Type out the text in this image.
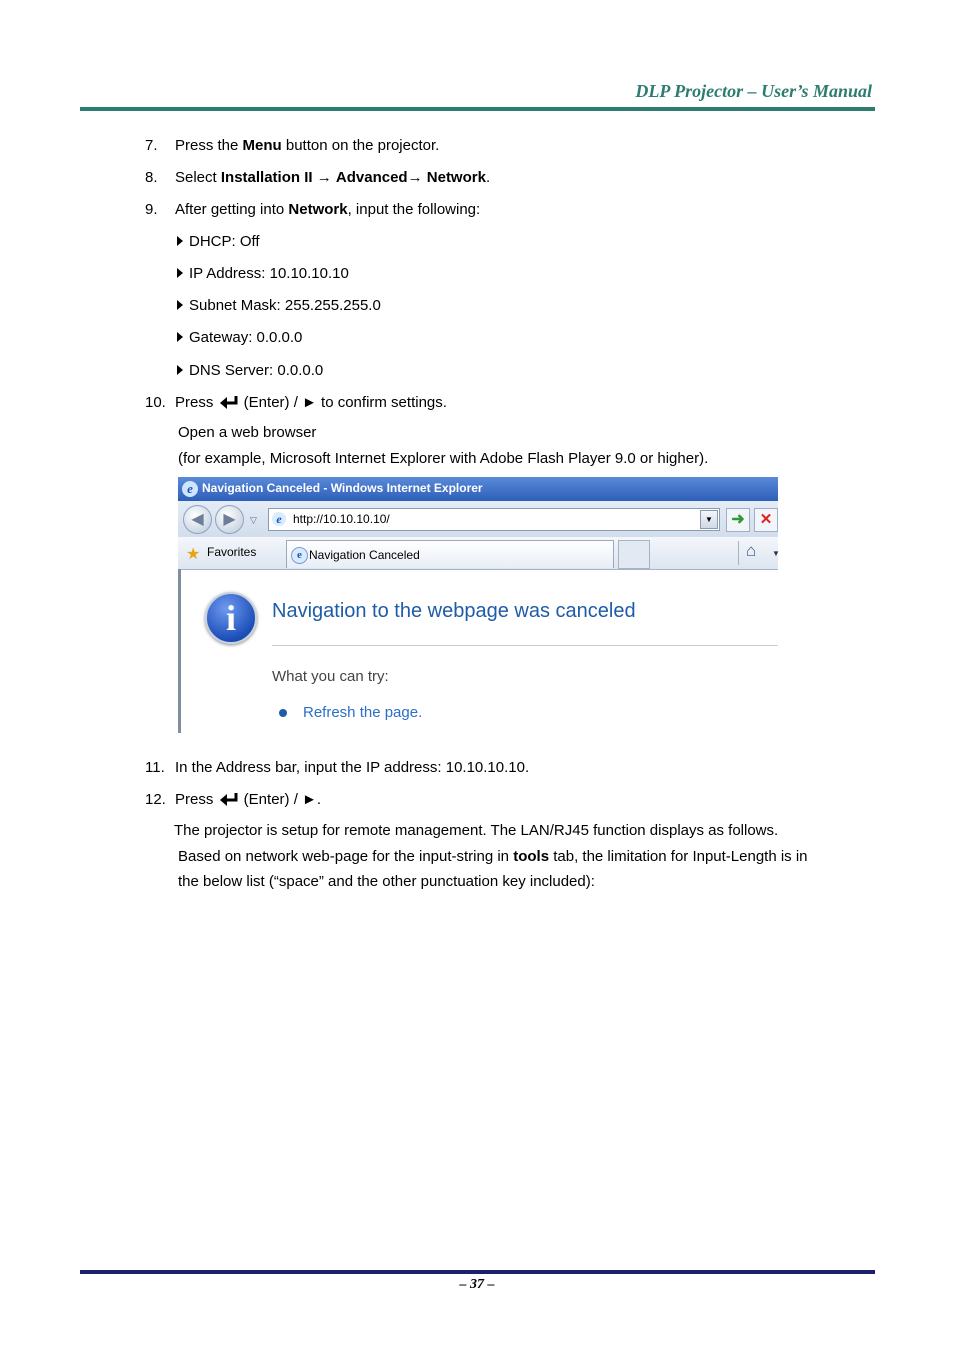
DLP Projector – User’s Manual
7. Press the Menu button on the projector.
8. Select Installation II → Advanced→ Network.
9. After getting into Network, input the following:
DHCP: Off
IP Address: 10.10.10.10
Subnet Mask: 255.255.255.0
Gateway: 0.0.0.0
DNS Server: 0.0.0.0
10. Press  (Enter) / ► to confirm settings.
Open a web browser
(for example, Microsoft Internet Explorer with Adobe Flash Player 9.0 or higher).
e Navigation Canceled - Windows Internet Explorer
◀	▶	▽	e http://10.10.10.10/	▼	➜	✕
★ Favorites	e Navigation Canceled	⌂ ▼
i	Navigation to the webpage was canceled
What you can try:
Refresh the page.
11. In the Address bar, input the IP address: 10.10.10.10.
12. Press  (Enter) / ►.
The projector is setup for remote management. The LAN/RJ45 function displays as follows.
Based on network web-page for the input-string in tools tab, the limitation for Input-Length is in
the below list (“space” and the other punctuation key included):
– 37 –
